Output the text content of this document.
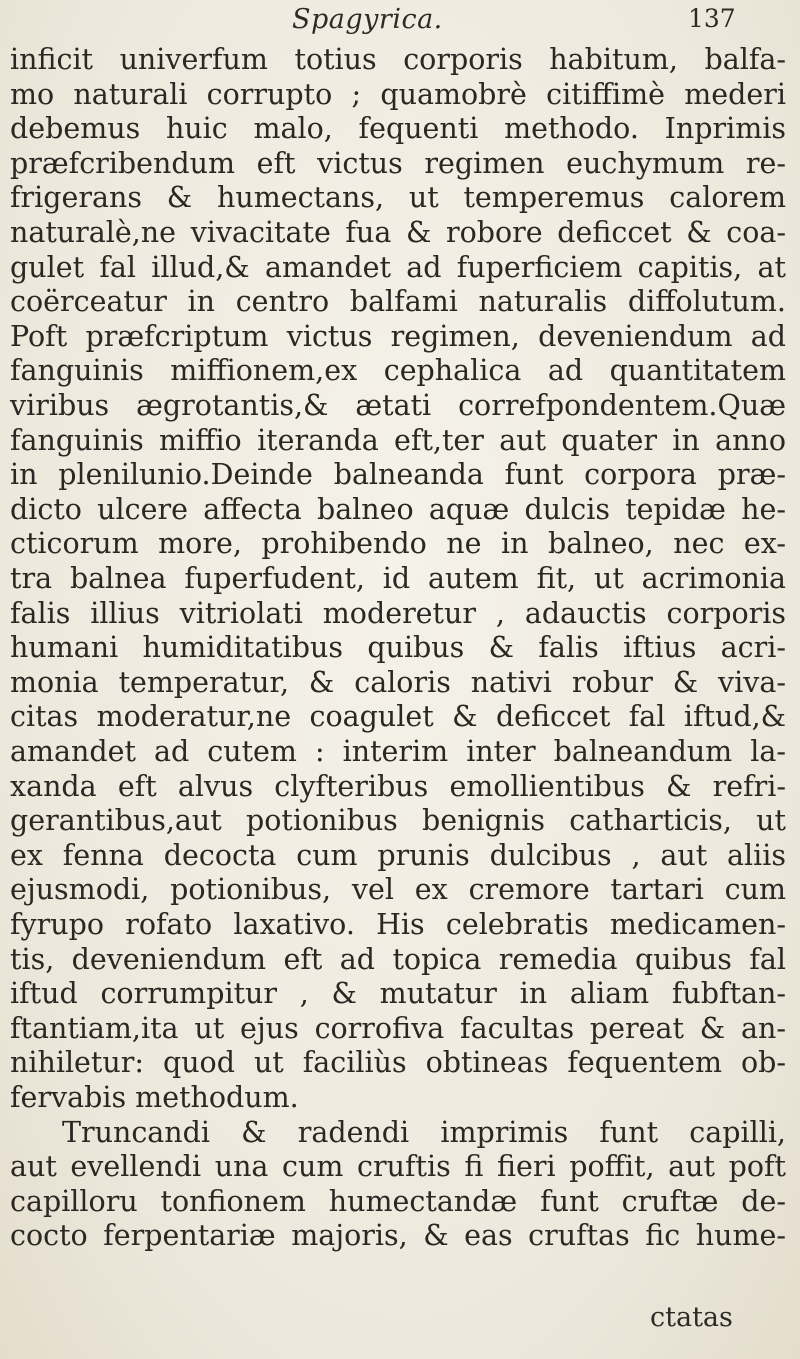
Spagyrica.	137
inficit univerfum totius corporis habitum, balfa-
mo naturali corrupto ; quamobrè citiffimè mederi
debemus huic malo, fequenti methodo. Inprimis
præfcribendum eft victus regimen euchymum re-
frigerans & humectans, ut temperemus calorem
naturalè,ne vivacitate fua & robore deficcet & coa-
gulet fal illud,& amandet ad fuperficiem capitis, at
coërceatur in centro balfami naturalis diffolutum.
Poft præfcriptum victus regimen, deveniendum ad
fanguinis miffionem,ex cephalica ad quantitatem
viribus ægrotantis,& ætati correfpondentem.Quæ
fanguinis miffio iteranda eft,ter aut quater in anno
in plenilunio.Deinde balneanda funt corpora præ-
dicto ulcere affecta balneo aquæ dulcis tepidæ he-
cticorum more, prohibendo ne in balneo, nec ex-
tra balnea fuperfudent, id autem fit, ut acrimonia
falis illius vitriolati moderetur , adauctis corporis
humani humiditatibus quibus & falis iftius acri-
monia temperatur, & caloris nativi robur & viva-
citas moderatur,ne coagulet & deficcet fal iftud,&
amandet ad cutem : interim inter balneandum la-
xanda eft alvus clyfteribus emollientibus & refri-
gerantibus,aut potionibus benignis catharticis, ut
ex fenna decocta cum prunis dulcibus , aut aliis
ejusmodi, potionibus, vel ex cremore tartari cum
fyrupo rofato laxativo. His celebratis medicamen-
tis, deveniendum eft ad topica remedia quibus fal
iftud corrumpitur , & mutatur in aliam fubftan-
ftantiam,ita ut ejus corrofiva facultas pereat & an-
nihiletur: quod ut faciliùs obtineas fequentem ob-
fervabis methodum.
Truncandi & radendi imprimis funt capilli,
aut evellendi una cum cruftis fi fieri poffit, aut poft
capilloru tonfionem humectandæ funt cruftæ de-
cocto ferpentariæ majoris, & eas cruftas fic hume-
ctatas
